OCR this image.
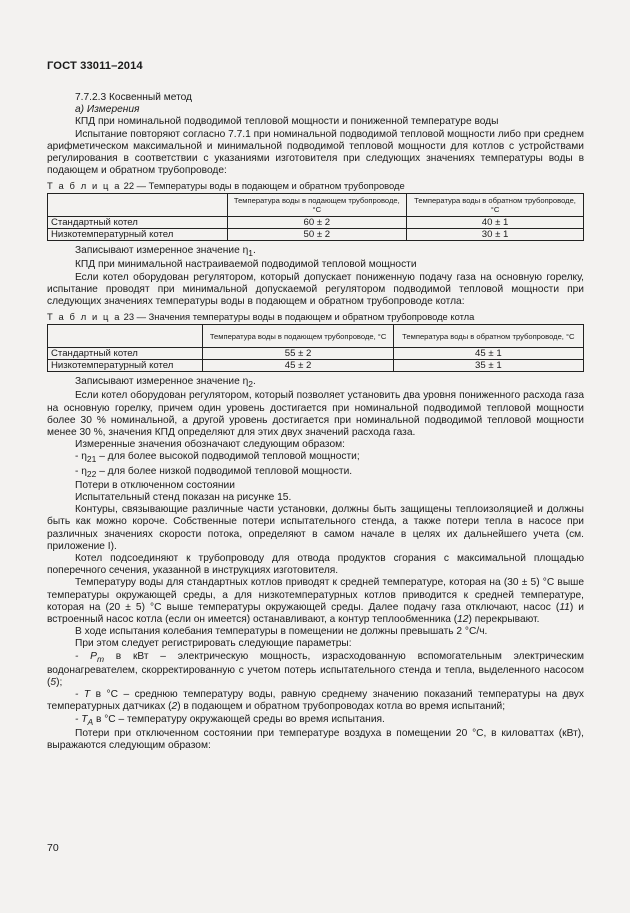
ГОСТ 33011–2014

7.7.2.3 Косвенный метод

а) Измерения

КПД при номинальной подводимой тепловой мощности и пониженной температуре воды

Испытание повторяют согласно 7.7.1 при номинальной подводимой тепловой мощности либо при среднем арифметическом максимальной и минимальной подводимой тепловой мощности для котлов с устройствами регулирования в соответствии с указаниями изготовителя при следующих значениях температуры воды в подающем и обратном трубопроводе:

Т а б л и ц а 22 — Температуры воды в подающем и обратном трубопроводе

	Температура воды в подающем трубопроводе, °С	Температура воды в обратном трубопроводе, °С
Стандартный котел	60 ± 2	40 ± 1
Низкотемпературный котел	50 ± 2	30 ± 1

Записывают измеренное значение $\eta_1$.

КПД при минимальной настраиваемой подводимой тепловой мощности

Если котел оборудован регулятором, который допускает пониженную подачу газа на основную горелку, испытание проводят при минимальной допускаемой регулятором подводимой тепловой мощности при следующих значениях температуры воды в подающем и обратном трубопроводе котла:

Т а б л и ц а 23 — Значения температуры воды в подающем и обратном трубопроводе котла

	Температура воды в подающем трубопроводе, °С	Температура воды в обратном трубопроводе, °С
Стандартный котел	55 ± 2	45 ± 1
Низкотемпературный котел	45 ± 2	35 ± 1

Записывают измеренное значение $\eta_2$.

Если котел оборудован регулятором, который позволяет установить два уровня пониженного расхода газа на основную горелку, причем один уровень достигается при номинальной подводимой тепловой мощности более 30 % номинальной, а другой уровень достигается при номинальной подводимой тепловой мощности менее 30 %, значения КПД определяют для этих двух значений расхода газа.

Измеренные значения обозначают следующим образом:

- $\eta_{21}$ – для более высокой подводимой тепловой мощности;

- $\eta_{22}$ – для более низкой подводимой тепловой мощности.

Потери в отключенном состоянии

Испытательный стенд показан на рисунке 15.

Контуры, связывающие различные части установки, должны быть защищены теплоизоляцией и должны быть как можно короче. Собственные потери испытательного стенда, а также потери тепла в насосе при различных значениях скорости потока, определяют в самом начале в целях их дальнейшего учета (см. приложение I).

Котел подсоединяют к трубопроводу для отвода продуктов сгорания с максимальной площадью поперечного сечения, указанной в инструкциях изготовителя.

Температуру воды для стандартных котлов приводят к средней температуре, которая на (30 ± 5) °С выше температуры окружающей среды, а для низкотемпературных котлов приводится к средней температуре, которая на (20 ± 5) °С выше температуры окружающей среды. Далее подачу газа отключают, насос (11) и встроенный насос котла (если он имеется) останавливают, а контур теплообменника (12) перекрывают.

В ходе испытания колебания температуры в помещении не должны превышать 2 °С/ч.

При этом следует регистрировать следующие параметры:

- $P_m$ в кВт – электрическую мощность, израсходованную вспомогательным электрическим водонагревателем, скорректированную с учетом потерь испытательного стенда и тепла, выделенного насосом (5);

- T в °С – среднюю температуру воды, равную среднему значению показаний температуры на двух температурных датчиках (2) в подающем и обратном трубопроводах котла во время испытаний;

- $T_A$ в °С – температуру окружающей среды во время испытания.

Потери при отключенном состоянии при температуре воздуха в помещении 20 °С, в киловаттах (кВт), выражаются следующим образом:

70
